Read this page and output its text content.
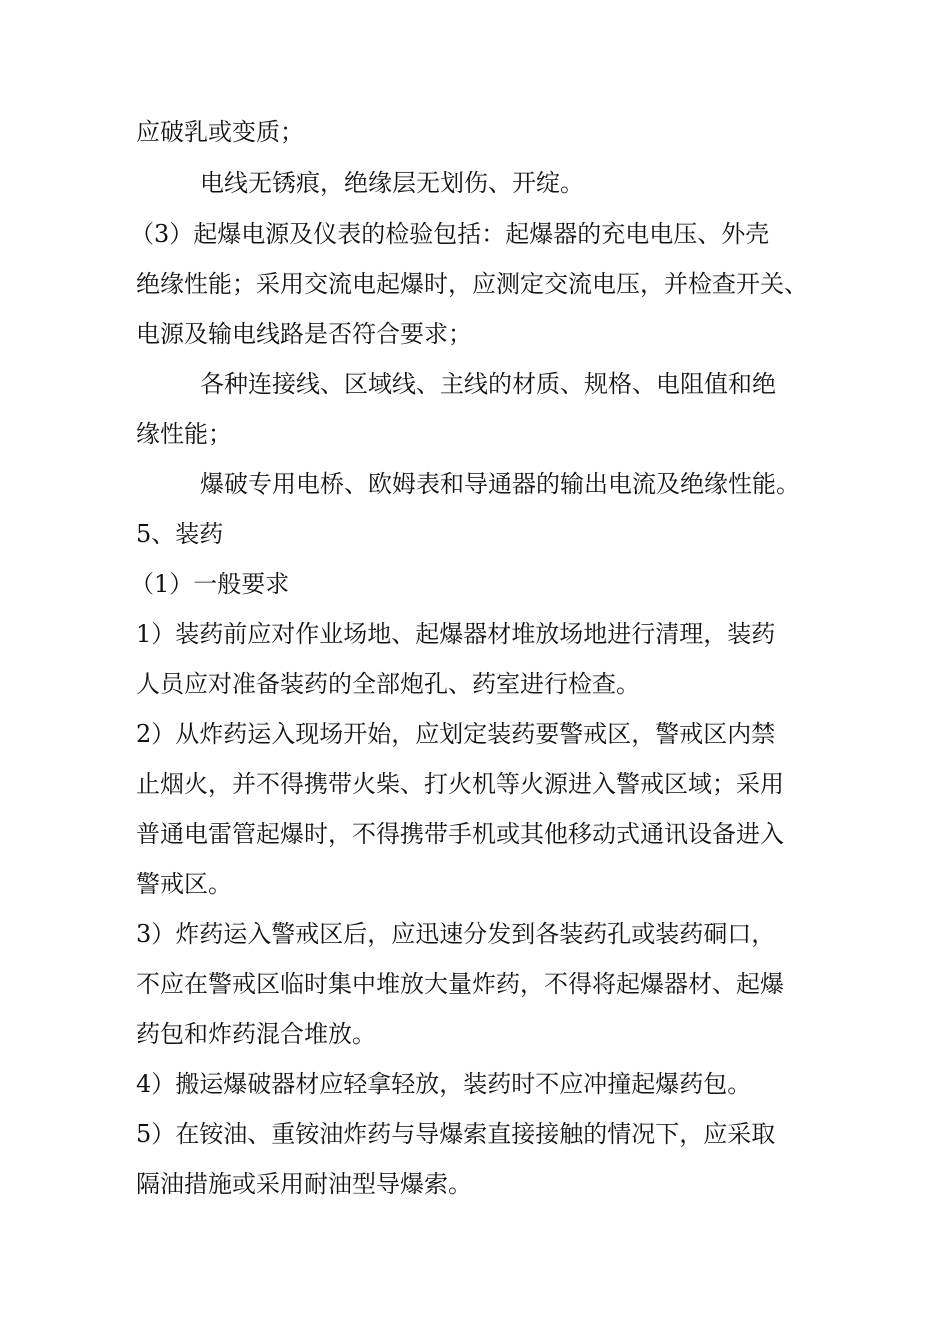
应破乳或变质；
电线无锈痕，绝缘层无划伤、开绽。
（3）起爆电源及仪表的检验包括：起爆器的充电电压、外壳
绝缘性能；采用交流电起爆时，应测定交流电压，并检查开关、
电源及输电线路是否符合要求；
各种连接线、区域线、主线的材质、规格、电阻值和绝
缘性能；
爆破专用电桥、欧姆表和导通器的输出电流及绝缘性能。
5、装药
（1）一般要求
1）装药前应对作业场地、起爆器材堆放场地进行清理，装药
人员应对准备装药的全部炮孔、药室进行检查。
2）从炸药运入现场开始，应划定装药要警戒区，警戒区内禁
止烟火，并不得携带火柴、打火机等火源进入警戒区域；采用
普通电雷管起爆时，不得携带手机或其他移动式通讯设备进入
警戒区。
3）炸药运入警戒区后，应迅速分发到各装药孔或装药硐口，
不应在警戒区临时集中堆放大量炸药，不得将起爆器材、起爆
药包和炸药混合堆放。
4）搬运爆破器材应轻拿轻放，装药时不应冲撞起爆药包。
5）在铵油、重铵油炸药与导爆索直接接触的情况下，应采取
隔油措施或采用耐油型导爆索。
